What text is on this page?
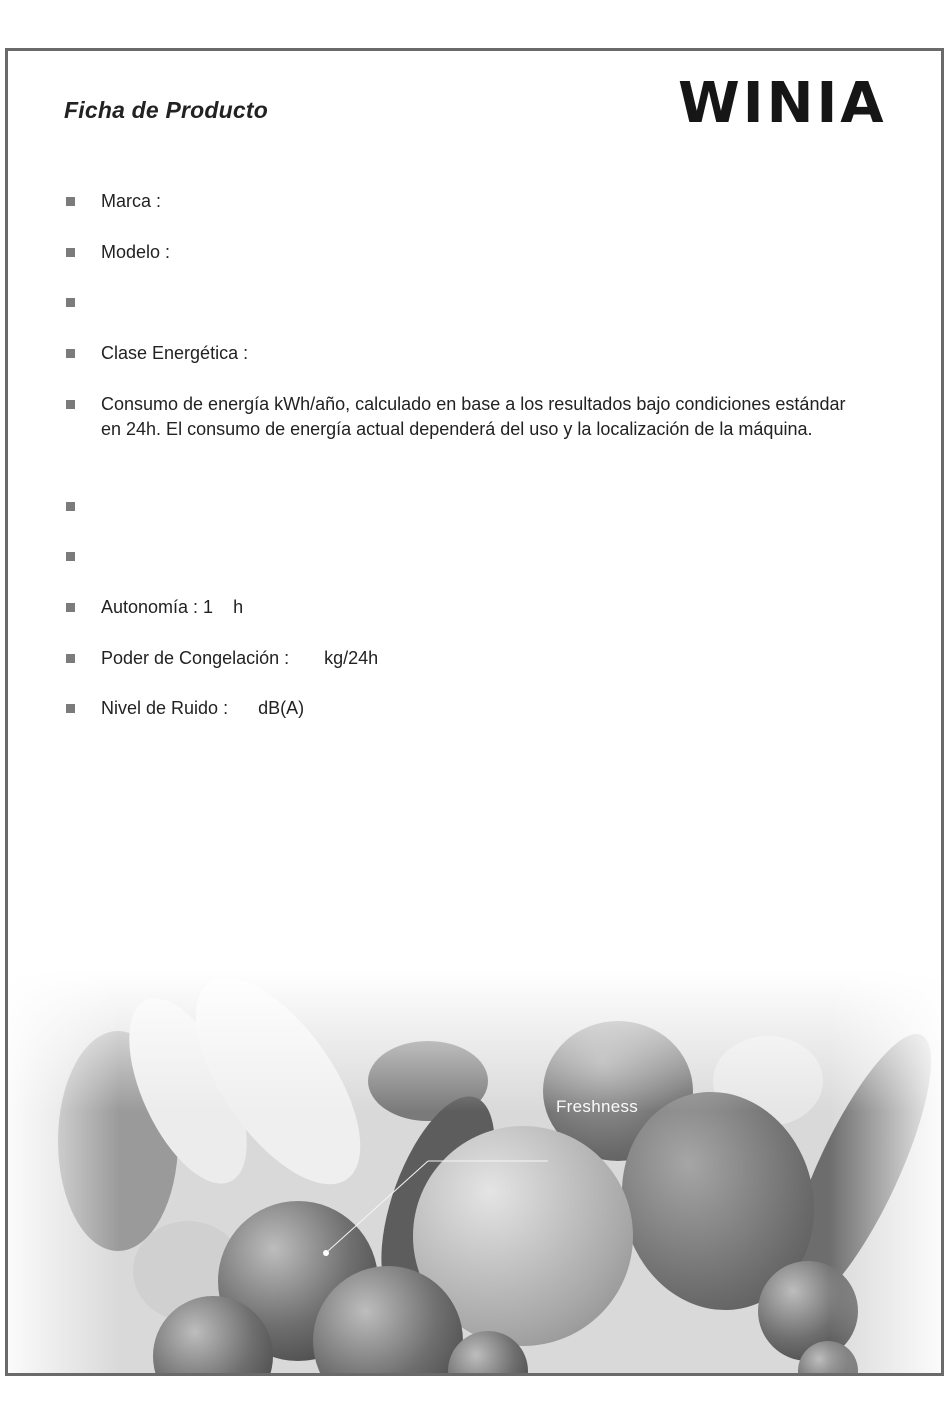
Ficha de Producto	WINIA
Marca :
Modelo :
Clase Energética :
Consumo de energía kWh/año, calculado en base a los resultados bajo condiciones estándar en 24h. El consumo de energía actual dependerá del uso y la localización de la máquina.
Autonomía : 1    h
Poder de Congelación :       kg/24h
Nivel de Ruido :      dB(A)
Freshness
